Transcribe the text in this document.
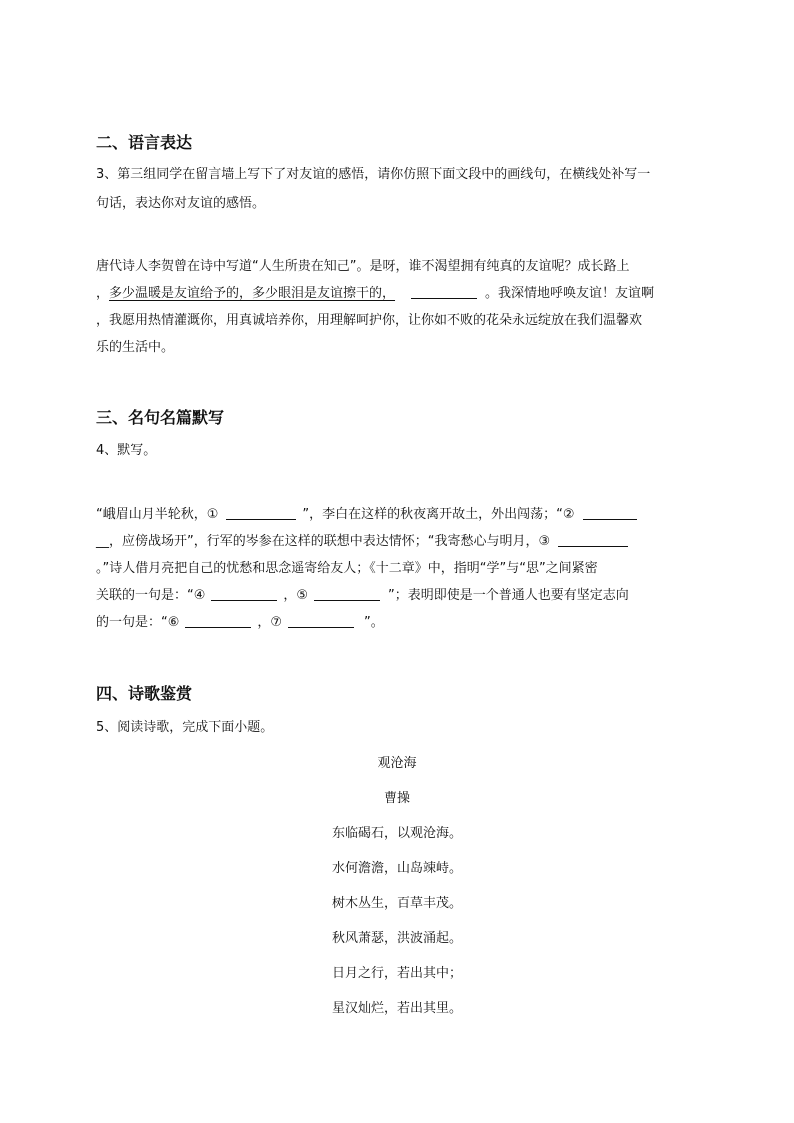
二、语言表达

3、第三组同学在留言墙上写下了对友谊的感悟，请你仿照下面文段中的画线句，在横线处补写一

句话，表达你对友谊的感悟。

唐代诗人李贺曾在诗中写道“人生所贵在知己”。是呀，谁不渴望拥有纯真的友谊呢？成长路上
，多少温暖是友谊给予的，多少眼泪是友谊擦干的，	。我深情地呼唤友谊！友谊啊
，我愿用热情灌溉你，用真诚培养你，用理解呵护你，让你如不败的花朵永远绽放在我们温馨欢
乐的生活中。
三、名句名篇默写

4、默写。

“峨眉山月半轮秋，①	”，李白在这样的秋夜离开故土，外出闯荡；“②
__，应傍战场开”，行军的岑参在这样的联想中表达情怀；“我寄愁心与明月，③
。”诗人借月亮把自己的忧愁和思念遥寄给友人；《十二章》中，指明“学”与“思”之间紧密
关联的一句是：“④	，⑤	”；表明即使是一个普通人也要有坚定志向
的一句是：“⑥	，⑦	”。
四、诗歌鉴赏

5、阅读诗歌，完成下面小题。

观沧海

曹操

东临碣石，以观沧海。

水何澹澹，山岛竦峙。

树木丛生，百草丰茂。

秋风萧瑟，洪波涌起。

日月之行，若出其中；

星汉灿烂，若出其里。
